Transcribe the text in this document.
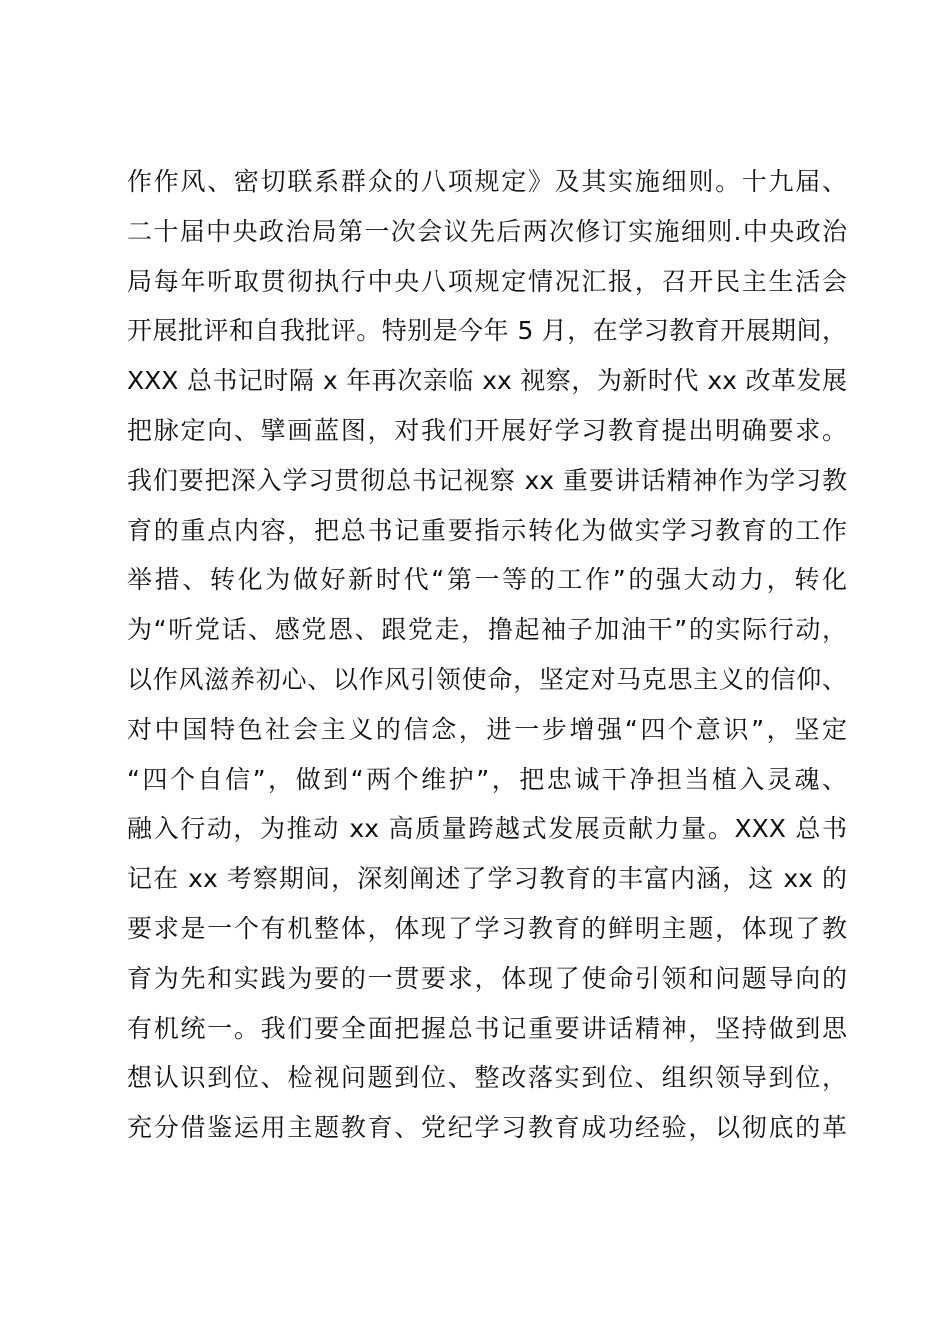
作作风、密切联系群众的八项规定》及其实施细则。十九届、
二十届中央政治局第一次会议先后两次修订实施细则.中央政治
局每年听取贯彻执行中央八项规定情况汇报，召开民主生活会
开展批评和自我批评。特别是今年 5 月，在学习教育开展期间，
XXX 总书记时隔 x 年再次亲临 xx 视察，为新时代 xx 改革发展
把脉定向、擘画蓝图，对我们开展好学习教育提出明确要求。
我们要把深入学习贯彻总书记视察 xx 重要讲话精神作为学习教
育的重点内容，把总书记重要指示转化为做实学习教育的工作
举措、转化为做好新时代“第一等的工作”的强大动力，转化
为“听党话、感党恩、跟党走，撸起袖子加油干”的实际行动，
以作风滋养初心、以作风引领使命，坚定对马克思主义的信仰、
对中国特色社会主义的信念，进一步增强“四个意识”，坚定
“四个自信”，做到“两个维护”，把忠诚干净担当植入灵魂、
融入行动，为推动 xx 高质量跨越式发展贡献力量。XXX 总书
记在 xx 考察期间，深刻阐述了学习教育的丰富内涵，这 xx 的
要求是一个有机整体，体现了学习教育的鲜明主题，体现了教
育为先和实践为要的一贯要求，体现了使命引领和问题导向的
有机统一。我们要全面把握总书记重要讲话精神，坚持做到思
想认识到位、检视问题到位、整改落实到位、组织领导到位，
充分借鉴运用主题教育、党纪学习教育成功经验，以彻底的革
